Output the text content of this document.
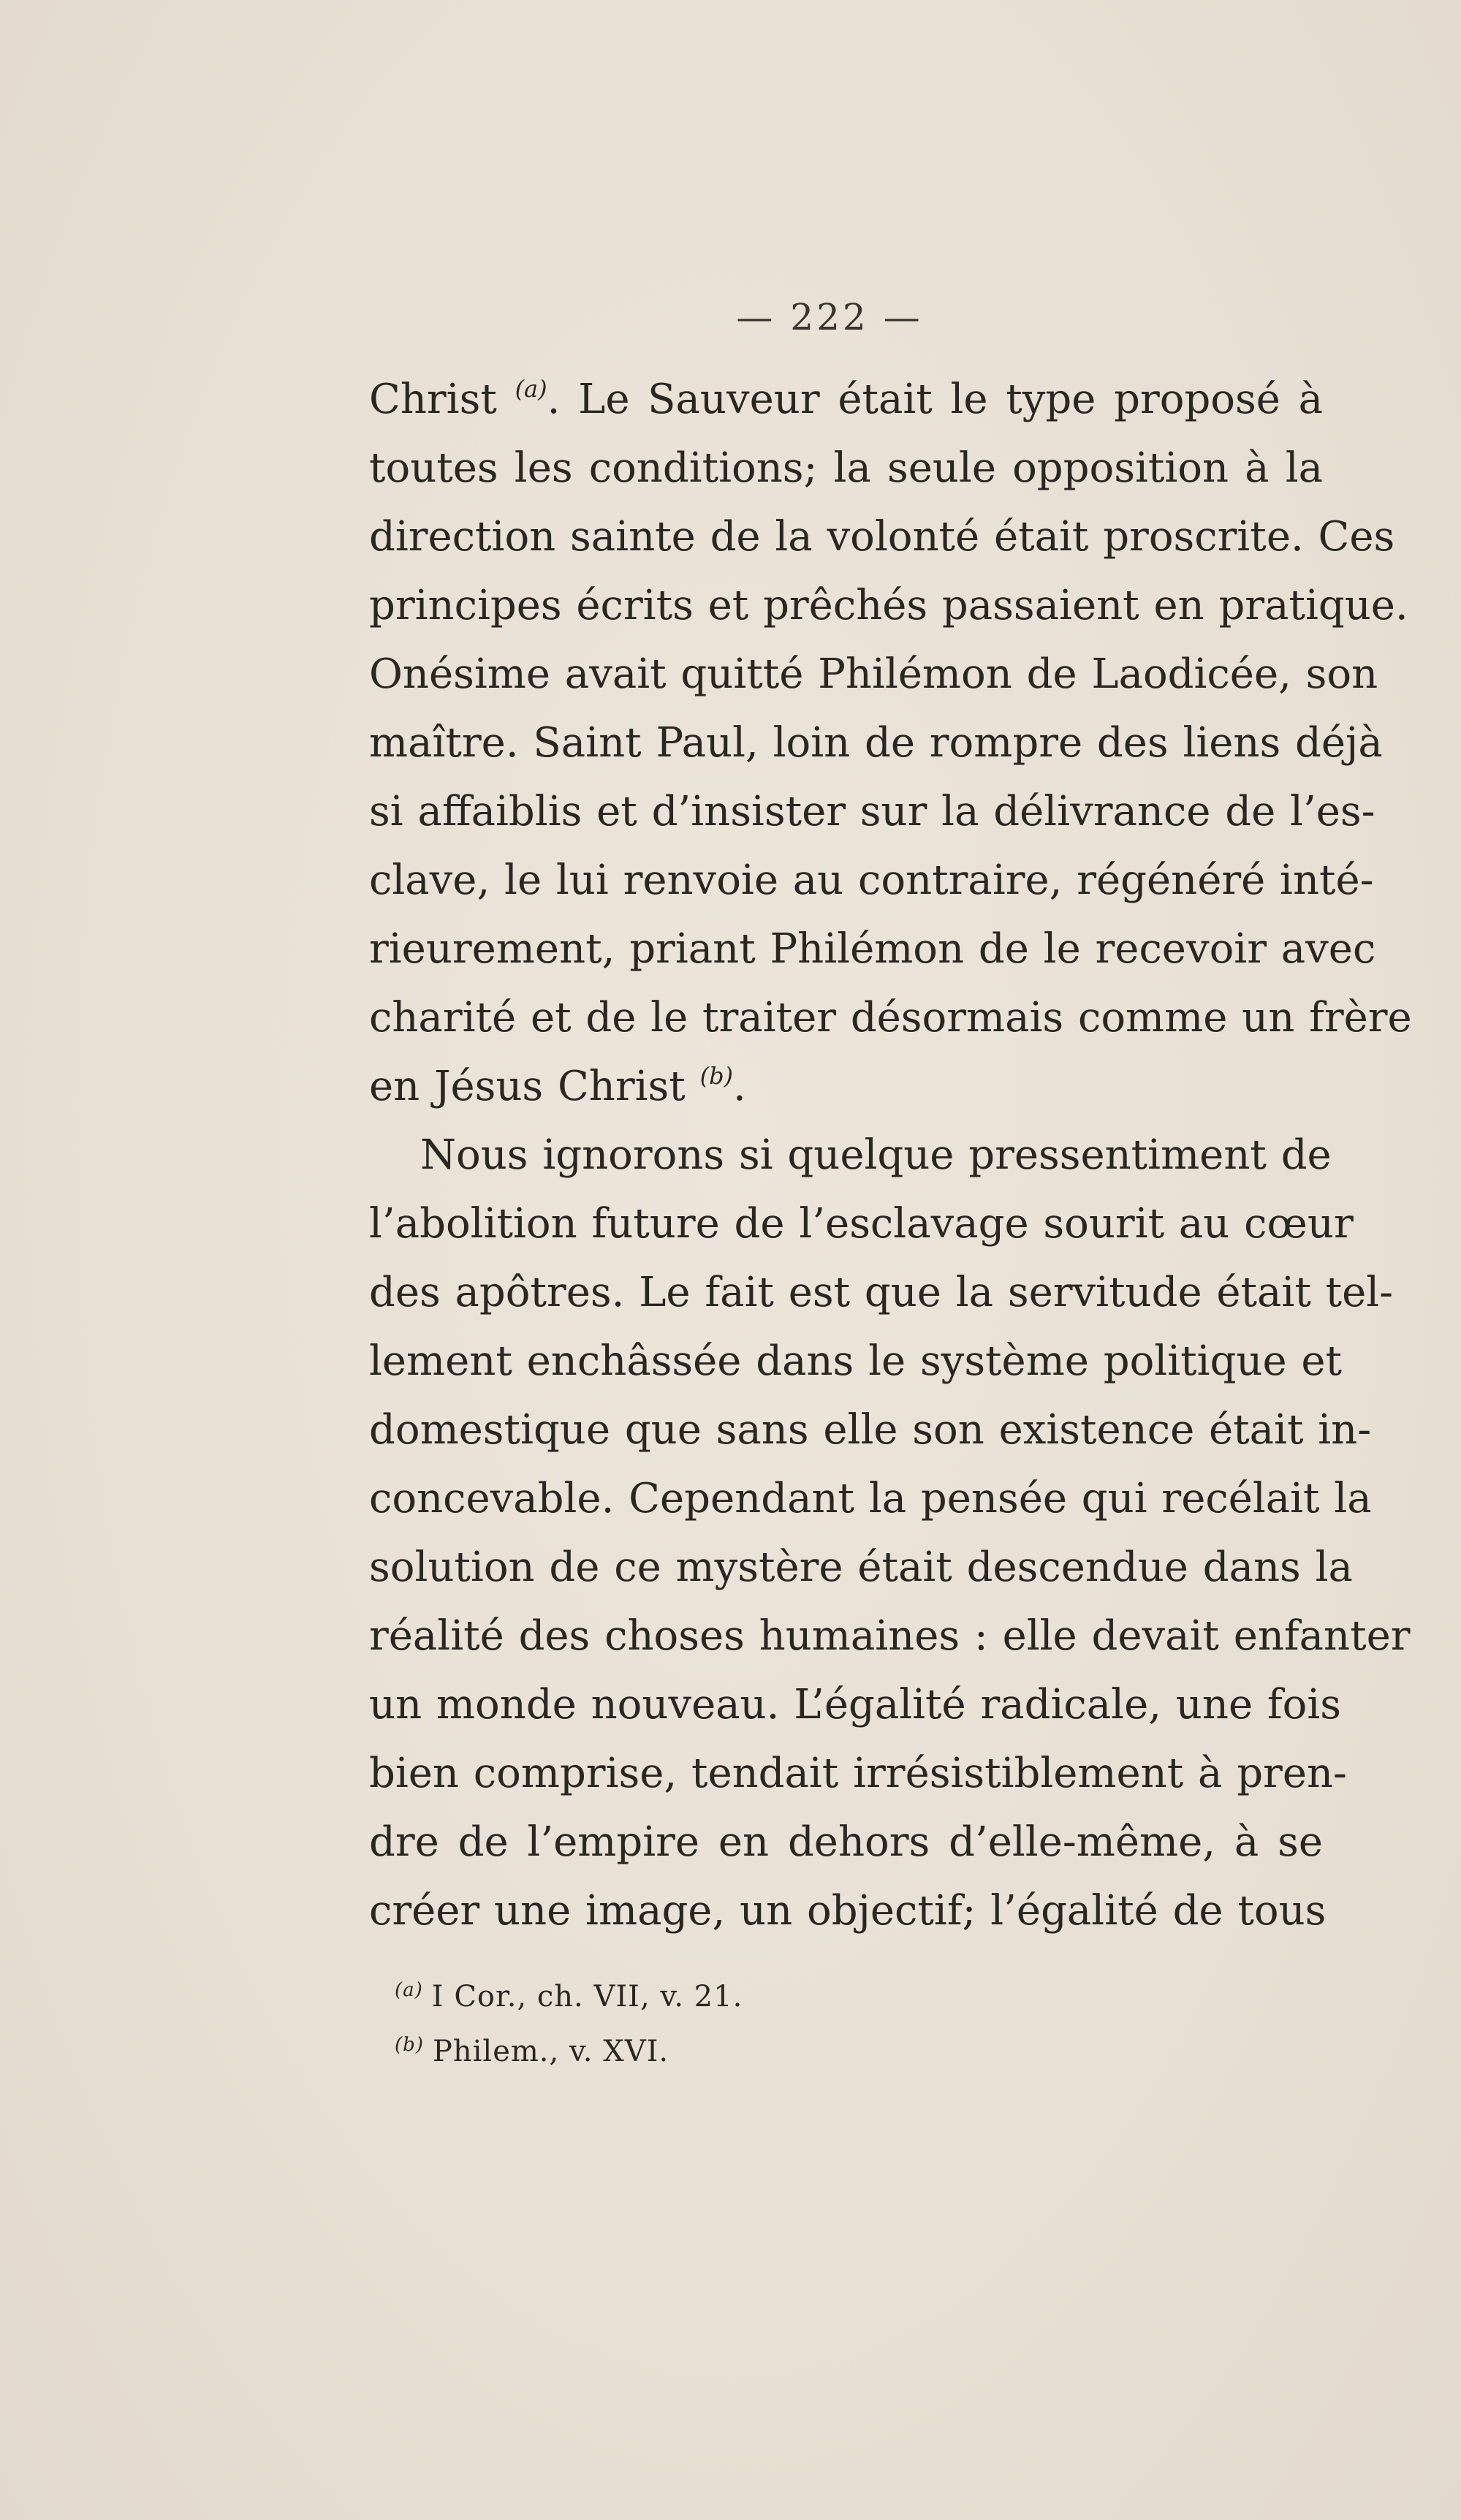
— 222 —
Christ $^{(a)}$. Le Sauveur était le type proposé à
toutes les conditions; la seule opposition à la
direction sainte de la volonté était proscrite. Ces
principes écrits et prêchés passaient en pratique.
Onésime avait quitté Philémon de Laodicée, son
maître. Saint Paul, loin de rompre des liens déjà
si affaiblis et d’insister sur la délivrance de l’es-
clave, le lui renvoie au contraire, régénéré inté-
rieurement, priant Philémon de le recevoir avec
charité et de le traiter désormais comme un frère
en Jésus Christ $^{(b)}$.
Nous ignorons si quelque pressentiment de
l’abolition future de l’esclavage sourit au cœur
des apôtres. Le fait est que la servitude était tel-
lement enchâssée dans le système politique et
domestique que sans elle son existence était in-
concevable. Cependant la pensée qui recélait la
solution de ce mystère était descendue dans la
réalité des choses humaines : elle devait enfanter
un monde nouveau. L’égalité radicale, une fois
bien comprise, tendait irrésistiblement à pren-
dre de l’empire en dehors d’elle-même, à se
créer une image, un objectif; l’égalité de tous
$^{(a)}$ I Cor., ch. VII, v. 21.
$^{(b)}$ Philem., v. XVI.
